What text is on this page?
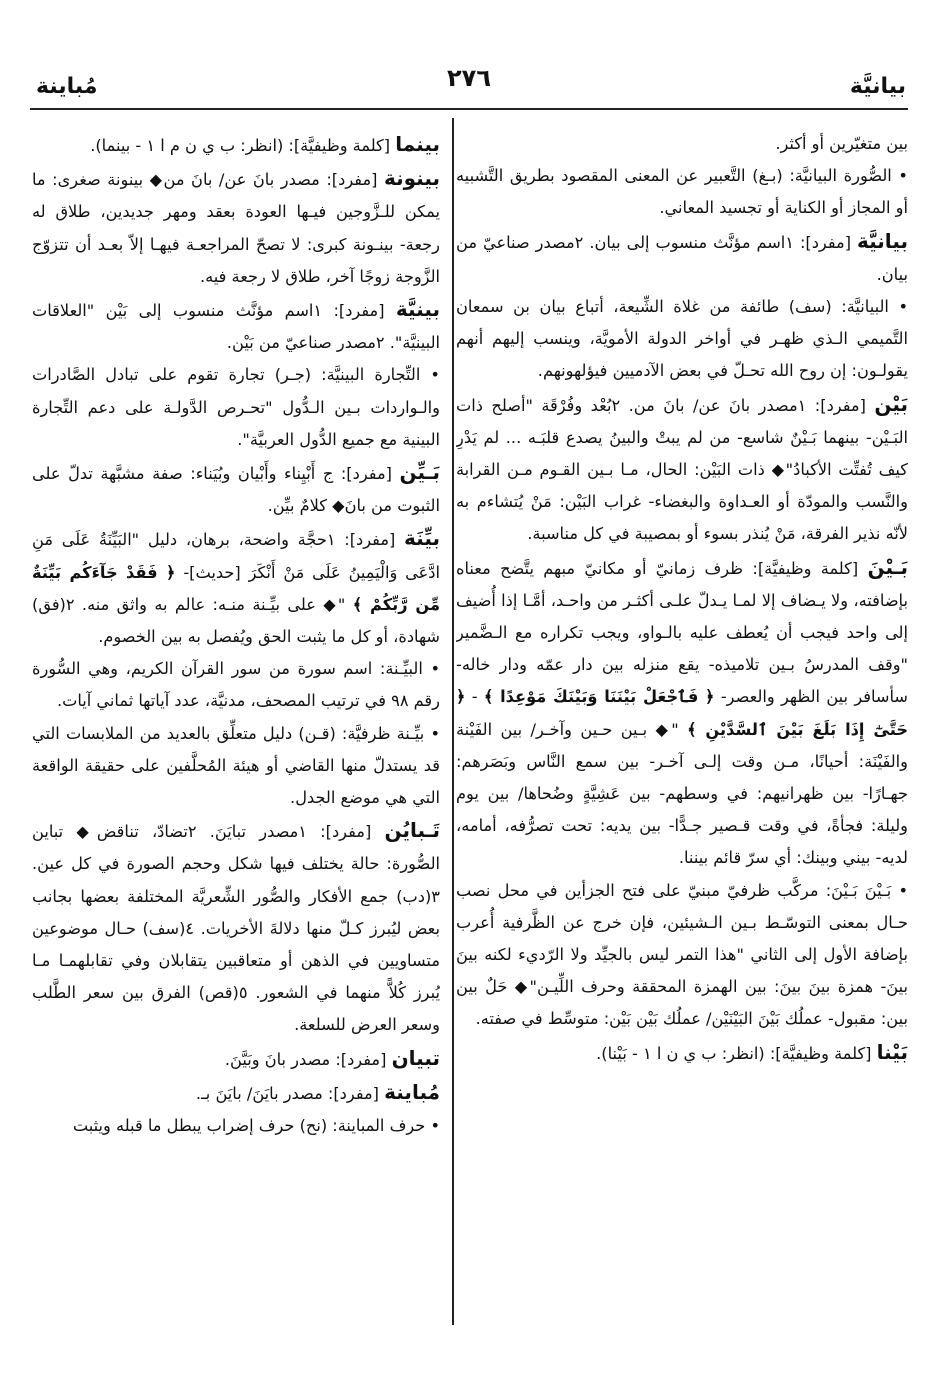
بيانيَّة
٢٧٦
مُباينة

بين متغيّرين أو أكثر.

• الصُّورة البيانيَّة: (بـغ) التَّعبير عن المعنى المقصود بطريق التَّشبيه أو المجاز أو الكناية أو تجسيد المعاني.

بيانيَّة [مفرد]: ١اسم مؤنَّث منسوب إلى بيان. ٢مصدر صناعيّ من بيان.

• البيانيَّة: (سف) طائفة من غلاة الشِّيعة، أتباع بيان بن سمعان التَّميمي الـذي ظهـر في أواخر الدولة الأمويَّة، وينسب إليهم أنهم يقولـون: إن روح الله تحـلّ في بعض الآدميين فيؤلهونهم.

بَيْن [مفرد]: ١مصدر بانَ عن/ بانَ من. ٢بُعْد وفُرْقَة "أصلح ذات البَـيْن- بينهما بَـيْنٌ شاسع- من لم يبتْ والبينُ يصدع قلبَـه ... لم يَدْرِ كيف تُفتِّت الأكبادُ"◆ ذات البَيْن: الحال، مـا بـين القـوم مـن القرابة والنَّسب والمودّة أو العـداوة والبغضاء- غراب البَيْن: مَنْ يُتشاءم به لأنّه نذير الفرقة، مَنْ يُنذر بسوء أو بمصيبة في كل مناسبة.

بَـيْنَ [كلمة وظيفيَّة]: ظرف زمانيّ أو مكانيّ مبهم يتَّضح معناه بإضافته، ولا يـضاف إلا لمـا يـدلّ علـى أكثـر من واحـد، أمَّـا إذا أُضيف إلى واحد فيجب أن يُعطف عليه بالـواو، ويجب تكراره مع الـضَّمير "وقف المدرسُ بـين تلاميذه- يقع منزله بين دار عمّه ودار خاله- سأسافر بين الظهر والعصر- ﴿ فَٱجْعَلْ بَيْنَنَا وَبَيْنَكَ مَوْعِدًا ﴾ - ﴿ حَتَّىٰٓ إِذَا بَلَغَ بَيْنَ ٱلسَّدَّيْنِ ﴾ "◆ بـين حـين وآخـر/ بين الفَيْنة والفَيْنَة: أحيانًا، مـن وقت إلـى آخـر- بين سمع النَّاس وبَصَرهم: جهـارًا- بين ظهرانيهم: في وسطهم- بين عَشِيَّةٍ وضُحاها/ بين يوم وليلة: فجأةً، في وقت قـصير جـدًّا- بين يديه: تحت تصرُّفه، أمامه، لديه- بيني وبينك: أي سرّ قائم بيننا.

• بَـيْنَ بَـيْنَ: مركَّب ظرفيّ مبنيّ على فتح الجزأين في محل نصب حـال بمعنى التوسّـط بـين الـشيئين، فإن خرج عن الظَّرفية أُعرب بإضافة الأول إلى الثاني "هذا التمر ليس بالجيِّد ولا الرّديء لكنه بينَ بينَ- همزة بينَ بينَ: بين الهمزة المحققة وحرف اللِّيـن"◆ حَلٌ بين بين: مقبول- عملُك بَيْنَ البَيْنَيْن/ عملُك بَيْن بَيْن: متوسِّط في صفته.

بَيْنا [كلمة وظيفيَّة]: (انظر: ب ي ن ا ١ - بَيْنا).

بينما [كلمة وظيفيَّة]: (انظر: ب ي ن م ا ١ - بينما).

بينونة [مفرد]: مصدر بانَ عن/ بانَ من◆ بينونة صغرى: ما يمكن للـزَّوجين فيـها العودة بعقد ومهر جديدين، طلاق له رجعة- بينـونة كبرى: لا تصحّ المراجعـة فيهـا إلاّ بعـد أن تتزوّج الزَّوجة زوجًا آخر، طلاق لا رجعة فيه.

بينيَّة [مفرد]: ١اسم مؤنَّث منسوب إلى بَيْن "العلاقات البينيَّة". ٢مصدر صناعيّ من بَيْن.

• التِّجارة البينيَّة: (جـر) تجارة تقوم على تبادل الصَّادرات والـواردات بـين الـدُّول "تحـرص الدَّولـة على دعم التِّجارة البينية مع جميع الدُّول العربيَّة".

بَـيِّن [مفرد]: ج أَبْيِناء وأَبْيان وبُيَناء: صفة مشبَّهة تدلّ على الثبوت من بانَ◆ كلامٌ بيِّن.

بيِّنَة [مفرد]: ١حجَّة واضحة، برهان، دليل "البَيِّنَةُ عَلَى مَنِ ادَّعَى وَالْيَمِينُ عَلَى مَنْ أَنْكَرَ [حديث]- ﴿ فَقَدْ جَآءَكُم بَيِّنَةٌ مِّن رَّبِّكُمْ ﴾ "◆ على بيِّـنة منـه: عالم به واثق منه. ٢(فق) شهادة، أو كل ما يثبت الحق ويُفصل به بين الخصوم.

• البيِّـنة: اسم سورة من سور القرآن الكريم، وهي السُّورة رقم ٩٨ في ترتيب المصحف، مدنيَّة، عدد آياتها ثماني آيات.

• بيِّـنة ظرفيَّة: (قـن) دليل متعلِّق بالعديد من الملابسات التي قد يستدلّ منها القاضي أو هيئة المُحلَّفين على حقيقة الواقعة التي هي موضع الجدل.

تَـبايُن [مفرد]: ١مصدر تبايَنَ. ٢تضادّ، تناقض◆ تباين الصُّورة: حالة يختلف فيها شكل وحجم الصورة في كل عين. ٣(دب) جمع الأفكار والصُّور الشِّعريَّة المختلفة بعضها بجانب بعض ليُبرز كـلّ منها دلالةَ الأخريات. ٤(سف) حـال موضوعين متساويين في الذهن أو متعاقبين يتقابلان وفي تقابلهمـا مـا يُبرز كُلاًّ منهما في الشعور. ٥(قص) الفرق بين سعر الطَّلب وسعر العرض للسلعة.

تبيان [مفرد]: مصدر بانَ وبَيَّنَ.

مُباينة [مفرد]: مصدر بايَنَ/ بايَنَ بـ.

• حرف المباينة: (نح) حرف إضراب يبطل ما قبله ويثبت
